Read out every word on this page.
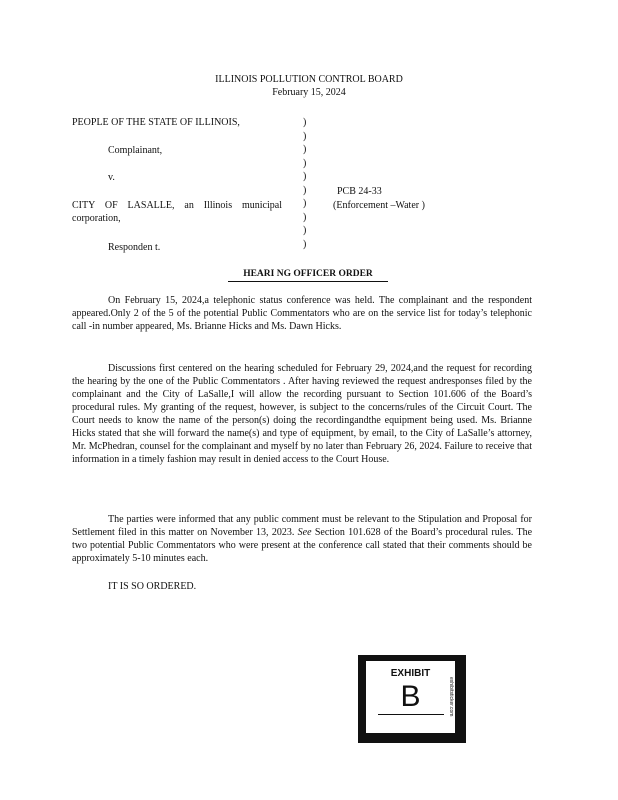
ILLINOIS POLLUTION CONTROL BOARD
February 15, 2024
PEOPLE OF THE STATE OF ILLINOIS,
Complainant,
v.
CITY OF LASALLE, an Illinois municipal corporation,
Responden t.
)
)
)
)
)
)
)
)
)
)
PCB 24-33
(Enforcement –Water )
HEARI NG OFFICER ORDER
On February 15, 2024,a telephonic status conference was held. The complainant and the respondent appeared.Only 2 of the 5 of the potential Public Commentators who are on the service list for today’s telephonic call -in number appeared, Ms. Brianne Hicks and Ms. Dawn Hicks.
Discussions first centered on the hearing scheduled for February 29, 2024,and the request for recording the hearing by the one of the Public Commentators . After having reviewed the request andresponses filed by the complainant and the City of LaSalle,I will allow the recording pursuant to Section 101.606 of the Board’s procedural rules. My granting of the request, however, is subject to the concerns/rules of the Circuit Court. The Court needs to know the name of the person(s) doing the recordingandthe equipment being used. Ms. Brianne Hicks stated that she will forward the name(s) and type of equipment, by email, to the City of LaSalle’s attorney, Mr. McPhedran, counsel for the complainant and myself by no later than February 26, 2024. Failure to receive that information in a timely fashion may result in denied access to the Court House.
The parties were informed that any public comment must be relevant to the Stipulation and Proposal for Settlement filed in this matter on November 13, 2023. See Section 101.628 of the Board’s procedural rules. The two potential Public Commentators who were present at the conference call stated that their comments should be approximately 5-10 minutes each.
IT IS SO ORDERED.
EXHIBIT
B	exhibitsticker.com
